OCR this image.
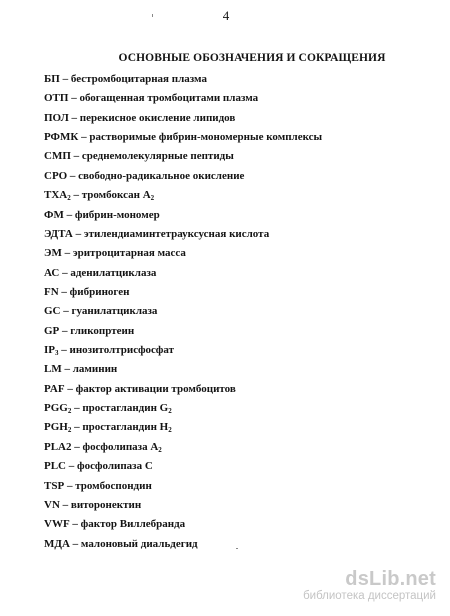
4
ОСНОВНЫЕ ОБОЗНАЧЕНИЯ И СОКРАЩЕНИЯ
БП – бестромбоцитарная плазма
ОТП – обогащенная тромбоцитами плазма
ПОЛ – перекисное окисление липидов
РФМК – растворимые фибрин-мономерные комплексы
СМП – среднемолекулярные пептиды
СРО – свободно-радикальное окисление
$ТХА_2$ – тромбоксан $А_2$
ФМ – фибрин-мономер
ЭДТА – этилендиаминтетрауксусная кислота
ЭМ – эритроцитарная масса
АС – аденилатциклаза
FN – фибриноген
GC – гуанилатциклаза
GP – гликопртеин
$IP_3$ – инозитолтрисфосфат
LM – ламинин
PAF – фактор активации тромбоцитов
$PGG_2$ – простагландин $G_2$
$PGH_2$ – простагландин $H_2$
PLA2 – фосфолипаза $А_2$
PLC – фосфолипаза С
TSP – тромбоспондин
VN – виторонектин
VWF – фактор Виллебранда
МДА – малоновый диальдегид
dsLib.net
библиотека диссертаций
